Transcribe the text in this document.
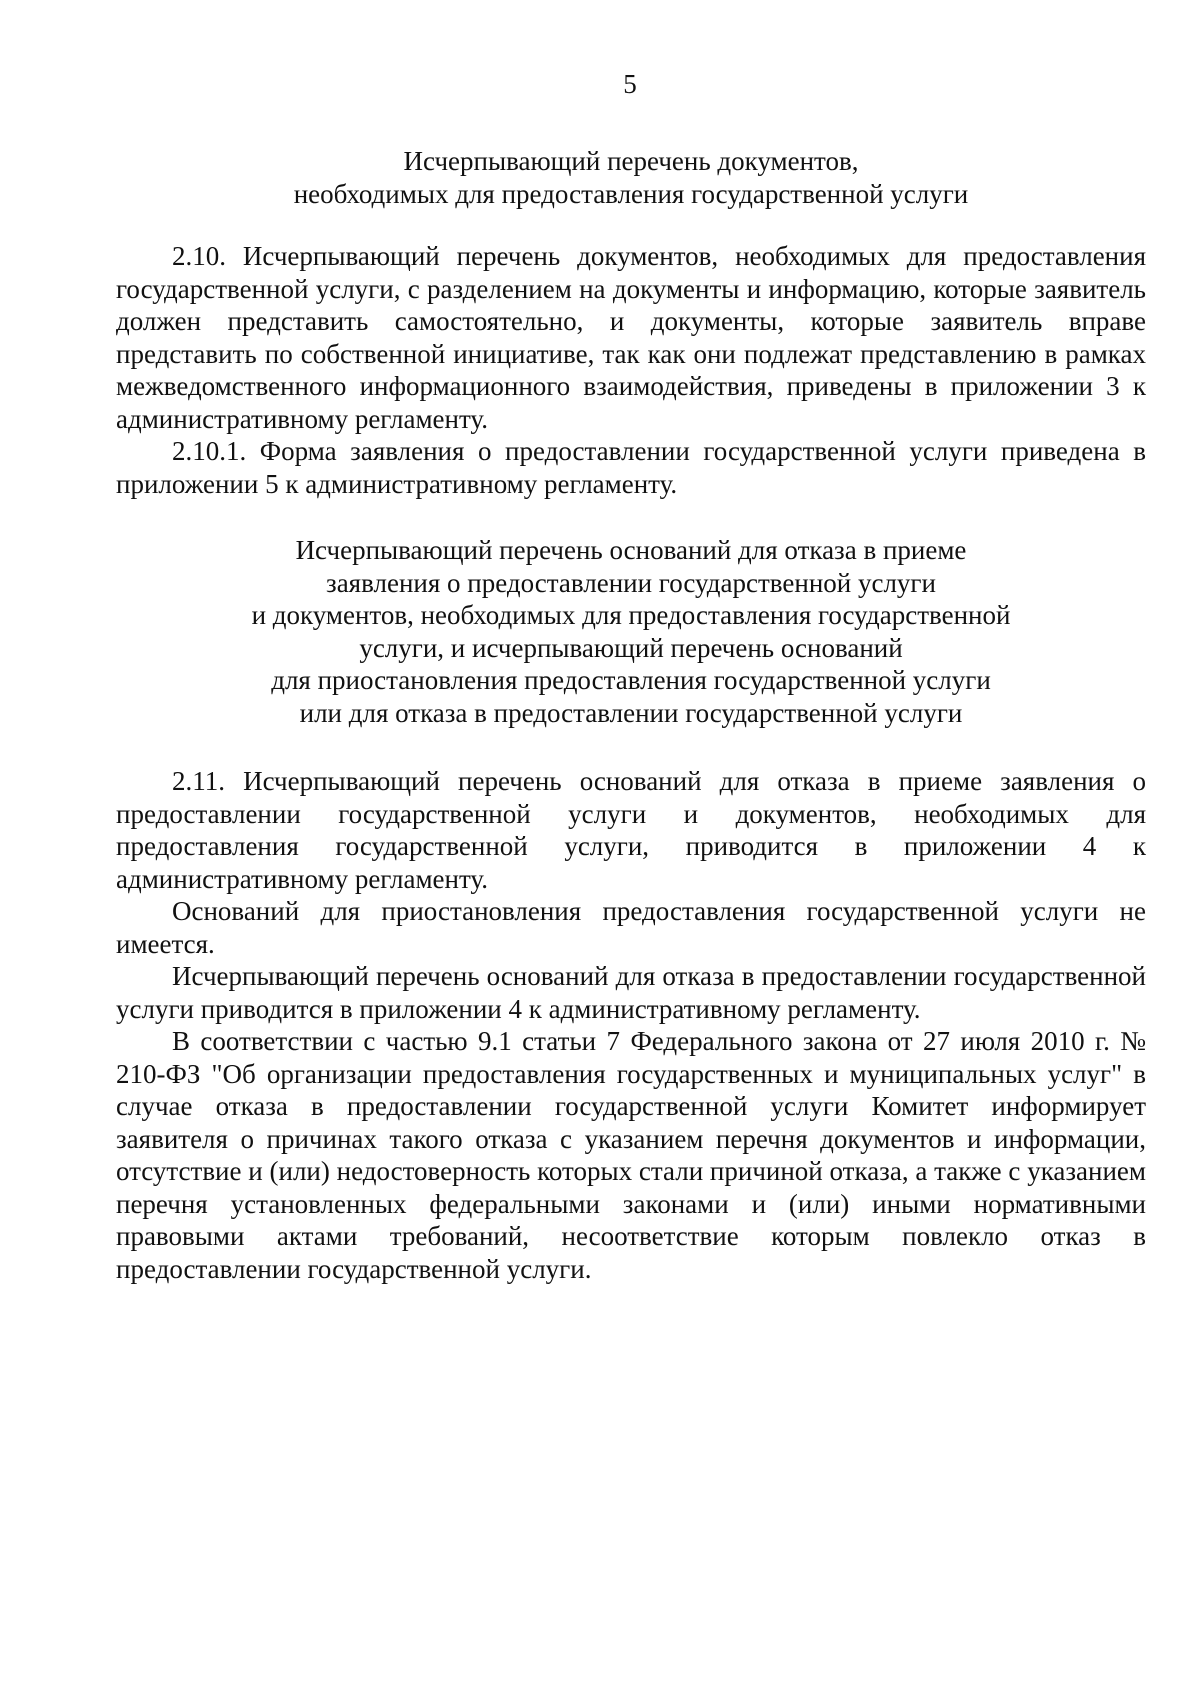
5
Исчерпывающий перечень документов,
необходимых для предоставления государственной услуги

2.10. Исчерпывающий перечень документов, необходимых для предоставления государственной услуги, с разделением на документы и информацию, которые заявитель должен представить самостоятельно, и документы, которые заявитель вправе представить по собственной инициативе, так как они подлежат представлению в рамках межведомственного информационного взаимодействия, приведены в приложении 3 к административному регламенту.

2.10.1. Форма заявления о предоставлении государственной услуги приведена в приложении 5 к административному регламенту.

Исчерпывающий перечень оснований для отказа в приеме
заявления о предоставлении государственной услуги
и документов, необходимых для предоставления государственной
услуги, и исчерпывающий перечень оснований
для приостановления предоставления государственной услуги
или для отказа в предоставлении государственной услуги

2.11. Исчерпывающий перечень оснований для отказа в приеме заявления о предоставлении государственной услуги и документов, необходимых для предоставления государственной услуги, приводится в приложении 4 к административному регламенту.

Оснований для приостановления предоставления государственной услуги не имеется.

Исчерпывающий перечень оснований для отказа в предоставлении государственной услуги приводится в приложении 4 к административному регламенту.

В соответствии с частью 9.1 статьи 7 Федерального закона от 27 июля 2010 г. № 210-ФЗ "Об организации предоставления государственных и муниципальных услуг" в случае отказа в предоставлении государственной услуги Комитет информирует заявителя о причинах такого отказа с указанием перечня документов и информации, отсутствие и (или) недостоверность которых стали причиной отказа, а также с указанием перечня установленных федеральными законами и (или) иными нормативными правовыми актами требований, несоответствие которым повлекло отказ в предоставлении государственной услуги.
